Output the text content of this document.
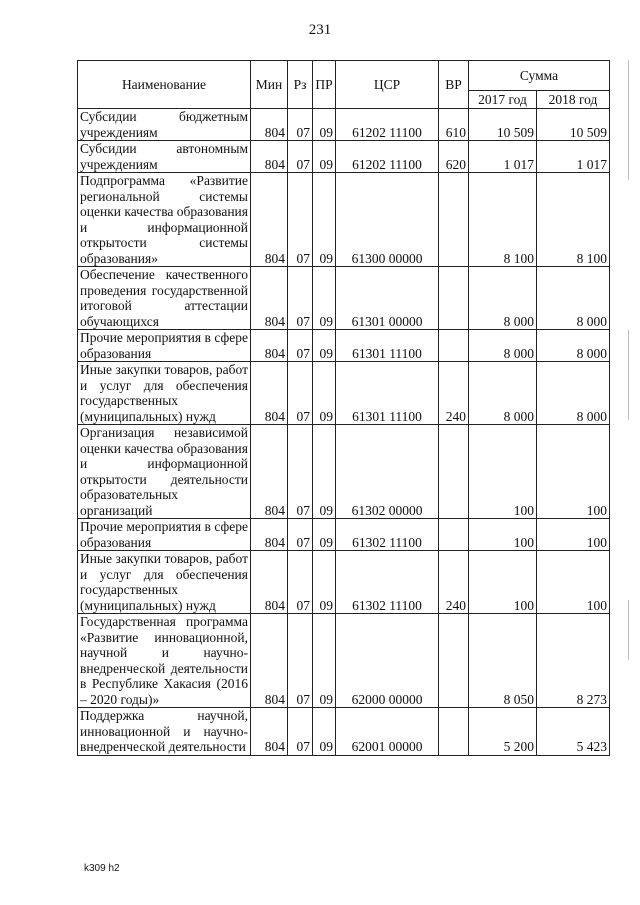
231
Наименование	Мин	Рз	ПР	ЦСР	ВР	Сумма	
						2017 год	2018 год
Субсидии бюджетным учреждениям	804	07	09	61202 11100	610	10 509	10 509
Субсидии автономным учреждениям	804	07	09	61202 11100	620	1 017	1 017
Подпрограмма «Развитие региональной системы оценки качества образования и информационной открытости системы образования»	804	07	09	61300 00000		8 100	8 100
Обеспечение качественного проведения государственной итоговой аттестации обучающихся	804	07	09	61301 00000		8 000	8 000
Прочие мероприятия в сфере образования	804	07	09	61301 11100		8 000	8 000
Иные закупки товаров, работ и услуг для обеспечения государственных (муниципальных) нужд	804	07	09	61301 11100	240	8 000	8 000
Организация независимой оценки качества образования и информационной открытости деятельности образовательных организаций	804	07	09	61302 00000		100	100
Прочие мероприятия в сфере образования	804	07	09	61302 11100		100	100
Иные закупки товаров, работ и услуг для обеспечения государственных (муниципальных) нужд	804	07	09	61302 11100	240	100	100
Государственная программа «Развитие инновационной, научной и научно-внедренческой деятельности в Республике Хакасия (2016 – 2020 годы)»	804	07	09	62000 00000		8 050	8 273
Поддержка научной, инновационной и научно-внедренческой деятельности	804	07	09	62001 00000		5 200	5 423
k309 h2
